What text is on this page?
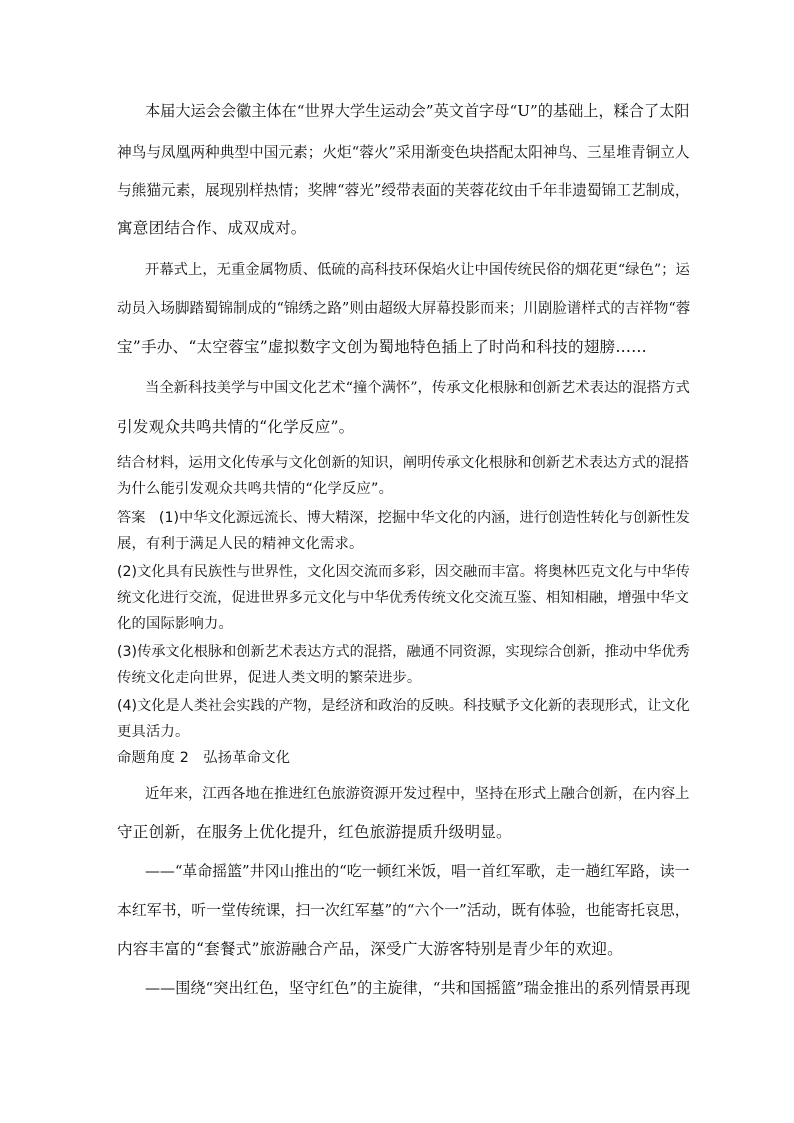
本届大运会会徽主体在“世界大学生运动会”英文首字母“U”的基础上，糅合了太阳
神鸟与凤凰两种典型中国元素；火炬“蓉火”采用渐变色块搭配太阳神鸟、三星堆青铜立人
与熊猫元素，展现别样热情；奖牌“蓉光”绶带表面的芙蓉花纹由千年非遗蜀锦工艺制成，
寓意团结合作、成双成对。
开幕式上，无重金属物质、低硫的高科技环保焰火让中国传统民俗的烟花更“绿色”；运
动员入场脚踏蜀锦制成的“锦绣之路”则由超级大屏幕投影而来；川剧脸谱样式的吉祥物“蓉
宝”手办、“太空蓉宝”虚拟数字文创为蜀地特色插上了时尚和科技的翅膀……
当全新科技美学与中国文化艺术“撞个满怀”，传承文化根脉和创新艺术表达的混搭方式
引发观众共鸣共情的“化学反应”。
结合材料，运用文化传承与文化创新的知识，阐明传承文化根脉和创新艺术表达方式的混搭
为什么能引发观众共鸣共情的“化学反应”。
答案   (1)中华文化源远流长、博大精深，挖掘中华文化的内涵，进行创造性转化与创新性发
展，有利于满足人民的精神文化需求。
(2)文化具有民族性与世界性，文化因交流而多彩，因交融而丰富。将奥林匹克文化与中华传
统文化进行交流，促进世界多元文化与中华优秀传统文化交流互鉴、相知相融，增强中华文
化的国际影响力。
(3)传承文化根脉和创新艺术表达方式的混搭，融通不同资源，实现综合创新，推动中华优秀
传统文化走向世界，促进人类文明的繁荣进步。
(4)文化是人类社会实践的产物，是经济和政治的反映。科技赋予文化新的表现形式，让文化
更具活力。
命题角度 2   弘扬革命文化
近年来，江西各地在推进红色旅游资源开发过程中，坚持在形式上融合创新，在内容上
守正创新，在服务上优化提升，红色旅游提质升级明显。
——“革命摇篮”井冈山推出的“吃一顿红米饭，唱一首红军歌，走一趟红军路，读一
本红军书，听一堂传统课，扫一次红军墓”的“六个一”活动，既有体验，也能寄托哀思，
内容丰富的“套餐式”旅游融合产品，深受广大游客特别是青少年的欢迎。
——围绕“突出红色，坚守红色”的主旋律，“共和国摇篮”瑞金推出的系列情景再现
